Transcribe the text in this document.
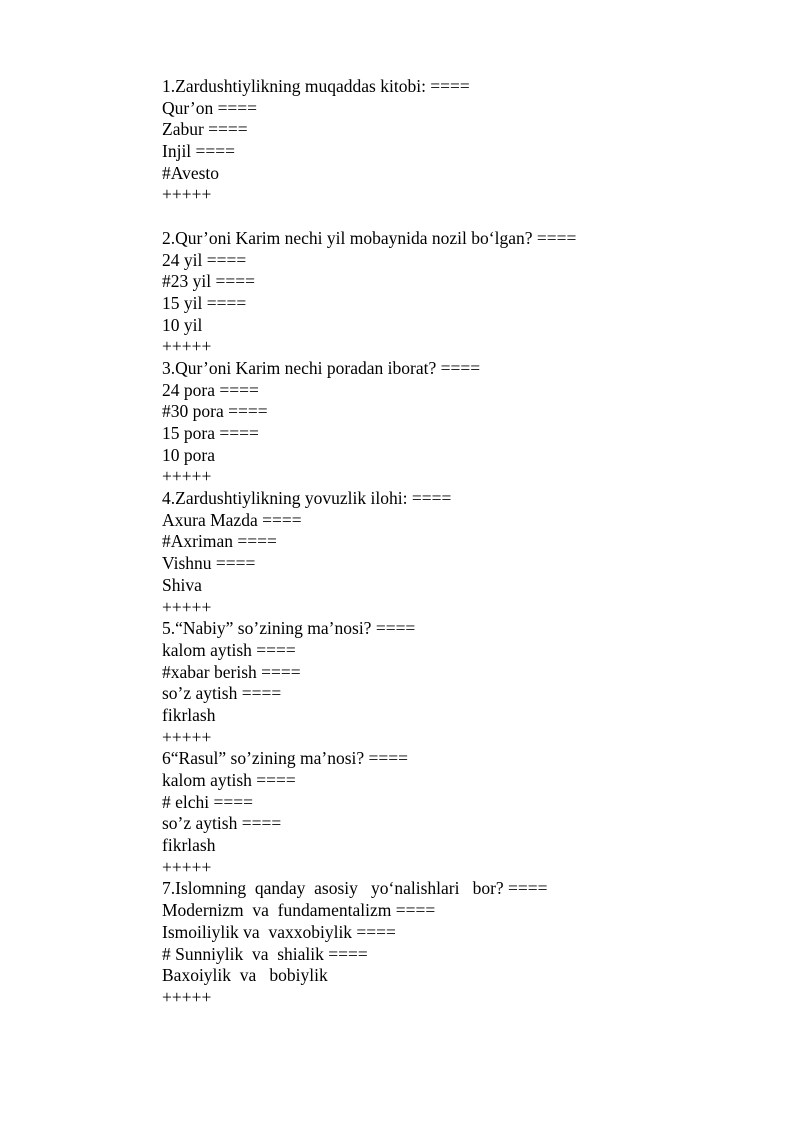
1.Zardushtiylikning muqaddas kitobi: ====
Qur’on ====
Zabur ====
Injil ====
#Avesto
+++++
2.Qur’oni Karim nechi yil mobaynida nozil bo‘lgan? ====
24 yil ====
#23 yil ====
15 yil ====
10 yil
+++++
3.Qur’oni Karim nechi poradan iborat? ====
24 pora ====
#30 pora ====
15 pora ====
10 pora
+++++
4.Zardushtiylikning yovuzlik ilohi: ====
Axura Mazda ====
#Axriman ====
Vishnu ====
Shiva
+++++
5.“Nabiy” so’zining ma’nosi? ====
kalom aytish ====
#xabar berish ====
so’z aytish ====
fikrlash
+++++
6“Rasul” so’zining ma’nosi? ====
kalom aytish ====
# elchi ====
so’z aytish ====
fikrlash
+++++
7.Islomning  qanday  asosiy   yo‘nalishlari   bor? ====
Modernizm  va  fundamentalizm ====
Ismoiliylik va  vaxxobiylik ====
# Sunniylik  va  shialik ====
Baxoiylik  va   bobiylik
+++++
